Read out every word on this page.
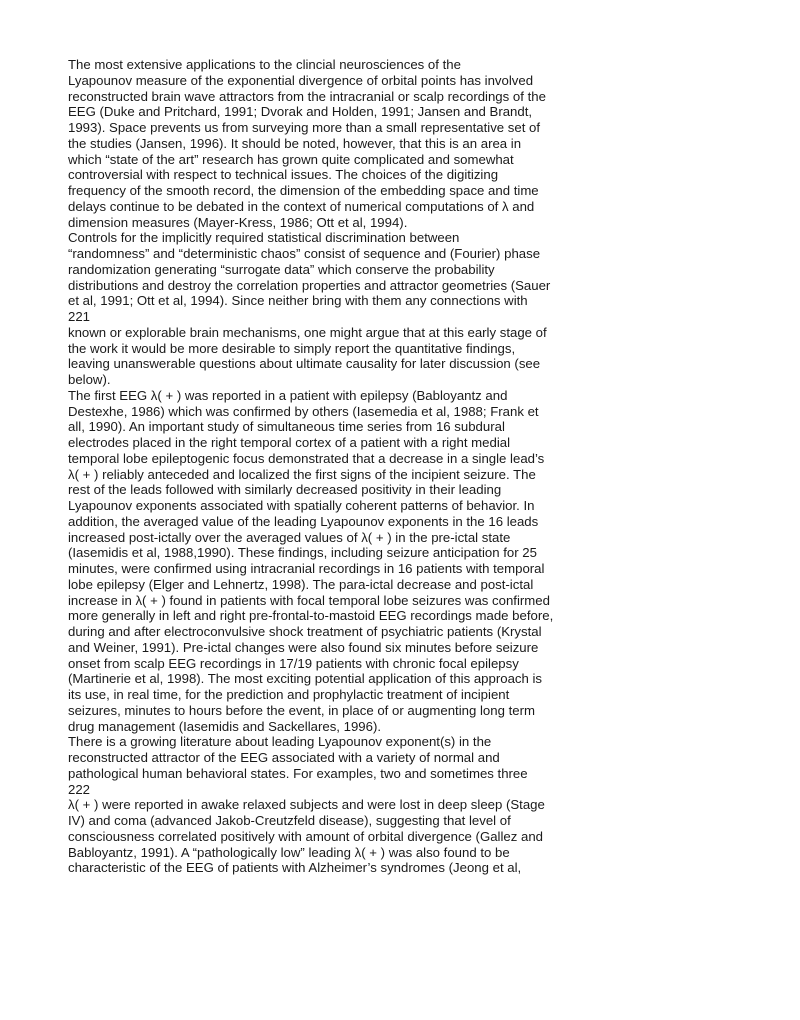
The most extensive applications to the clincial neurosciences of the
Lyapounov measure of the exponential divergence of orbital points has involved
reconstructed brain wave attractors from the intracranial or scalp recordings of the
EEG (Duke and Pritchard, 1991; Dvorak and Holden, 1991; Jansen and Brandt,
1993). Space prevents us from surveying more than a small representative set of
the studies (Jansen, 1996). It should be noted, however, that this is an area in
which “state of the art” research has grown quite complicated and somewhat
controversial with respect to technical issues. The choices of the digitizing
frequency of the smooth record, the dimension of the embedding space and time
delays continue to be debated in the context of numerical computations of λ and
dimension measures (Mayer-Kress, 1986; Ott et al, 1994).
Controls for the implicitly required statistical discrimination between
“randomness” and “deterministic chaos” consist of sequence and (Fourier) phase
randomization generating “surrogate data” which conserve the probability
distributions and destroy the correlation properties and attractor geometries (Sauer
et al, 1991; Ott et al, 1994). Since neither bring with them any connections with
221
known or explorable brain mechanisms, one might argue that at this early stage of
the work it would be more desirable to simply report the quantitative findings,
leaving unanswerable questions about ultimate causality for later discussion (see
below).
The first EEG λ( + ) was reported in a patient with epilepsy (Babloyantz and
Destexhe, 1986) which was confirmed by others (Iasemedia et al, 1988; Frank et
all, 1990). An important study of simultaneous time series from 16 subdural
electrodes placed in the right temporal cortex of a patient with a right medial
temporal lobe epileptogenic focus demonstrated that a decrease in a single lead’s
λ( + ) reliably anteceded and localized the first signs of the incipient seizure. The
rest of the leads followed with similarly decreased positivity in their leading
Lyapounov exponents associated with spatially coherent patterns of behavior. In
addition, the averaged value of the leading Lyapounov exponents in the 16 leads
increased post-ictally over the averaged values of λ( + ) in the pre-ictal state
(Iasemidis et al, 1988,1990). These findings, including seizure anticipation for 25
minutes, were confirmed using intracranial recordings in 16 patients with temporal
lobe epilepsy (Elger and Lehnertz, 1998). The para-ictal decrease and post-ictal
increase in λ( + ) found in patients with focal temporal lobe seizures was confirmed
more generally in left and right pre-frontal-to-mastoid EEG recordings made before,
during and after electroconvulsive shock treatment of psychiatric patients (Krystal
and Weiner, 1991). Pre-ictal changes were also found six minutes before seizure
onset from scalp EEG recordings in 17/19 patients with chronic focal epilepsy
(Martinerie et al, 1998). The most exciting potential application of this approach is
its use, in real time, for the prediction and prophylactic treatment of incipient
seizures, minutes to hours before the event, in place of or augmenting long term
drug management (Iasemidis and Sackellares, 1996).
There is a growing literature about leading Lyapounov exponent(s) in the
reconstructed attractor of the EEG associated with a variety of normal and
pathological human behavioral states. For examples, two and sometimes three
222
λ( + ) were reported in awake relaxed subjects and were lost in deep sleep (Stage
IV) and coma (advanced Jakob-Creutzfeld disease), suggesting that level of
consciousness correlated positively with amount of orbital divergence (Gallez and
Babloyantz, 1991). A “pathologically low” leading λ( + ) was also found to be
characteristic of the EEG of patients with Alzheimer’s syndromes (Jeong et al,
